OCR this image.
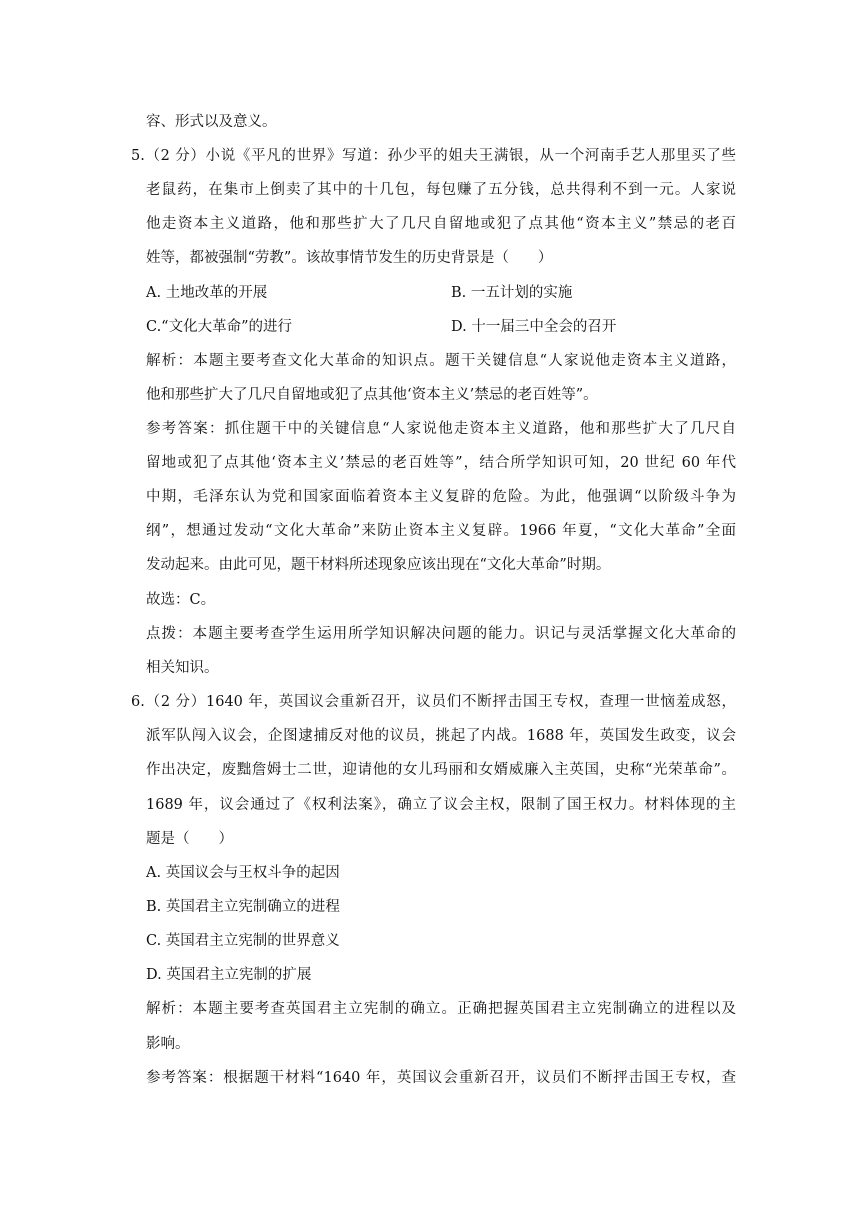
容、形式以及意义。
5.（2 分）小说《平凡的世界》写道：孙少平的姐夫王满银，从一个河南手艺人那里买了些
老鼠药，在集市上倒卖了其中的十几包，每包赚了五分钱，总共得利不到一元。人家说
他走资本主义道路，他和那些扩大了几尺自留地或犯了点其他“资本主义”禁忌的老百
姓等，都被强制“劳教”。该故事情节发生的历史背景是（　　）
A. 土地改革的开展	B. 一五计划的实施
C.“文化大革命”的进行	D. 十一届三中全会的召开
解析：本题主要考查文化大革命的知识点。题干关键信息“人家说他走资本主义道路，
他和那些扩大了几尺自留地或犯了点其他‘资本主义’禁忌的老百姓等”。
参考答案：抓住题干中的关键信息“人家说他走资本主义道路，他和那些扩大了几尺自
留地或犯了点其他‘资本主义’禁忌的老百姓等”，结合所学知识可知，20 世纪 60 年代
中期，毛泽东认为党和国家面临着资本主义复辟的危险。为此，他强调“以阶级斗争为
纲”，想通过发动“文化大革命”来防止资本主义复辟。1966 年夏，“文化大革命”全面
发动起来。由此可见，题干材料所述现象应该出现在“文化大革命”时期。
故选：C。
点拨：本题主要考查学生运用所学知识解决问题的能力。识记与灵活掌握文化大革命的
相关知识。
6.（2 分）1640 年，英国议会重新召开，议员们不断抨击国王专权，查理一世恼羞成怒，
派军队闯入议会，企图逮捕反对他的议员，挑起了内战。1688 年，英国发生政变，议会
作出决定，废黜詹姆士二世，迎请他的女儿玛丽和女婿威廉入主英国，史称“光荣革命”。
1689 年，议会通过了《权利法案》，确立了议会主权，限制了国王权力。材料体现的主
题是（　　）
A. 英国议会与王权斗争的起因
B. 英国君主立宪制确立的进程
C. 英国君主立宪制的世界意义
D. 英国君主立宪制的扩展
解析：本题主要考查英国君主立宪制的确立。正确把握英国君主立宪制确立的进程以及
影响。
参考答案：根据题干材料“1640 年，英国议会重新召开，议员们不断抨击国王专权，查
